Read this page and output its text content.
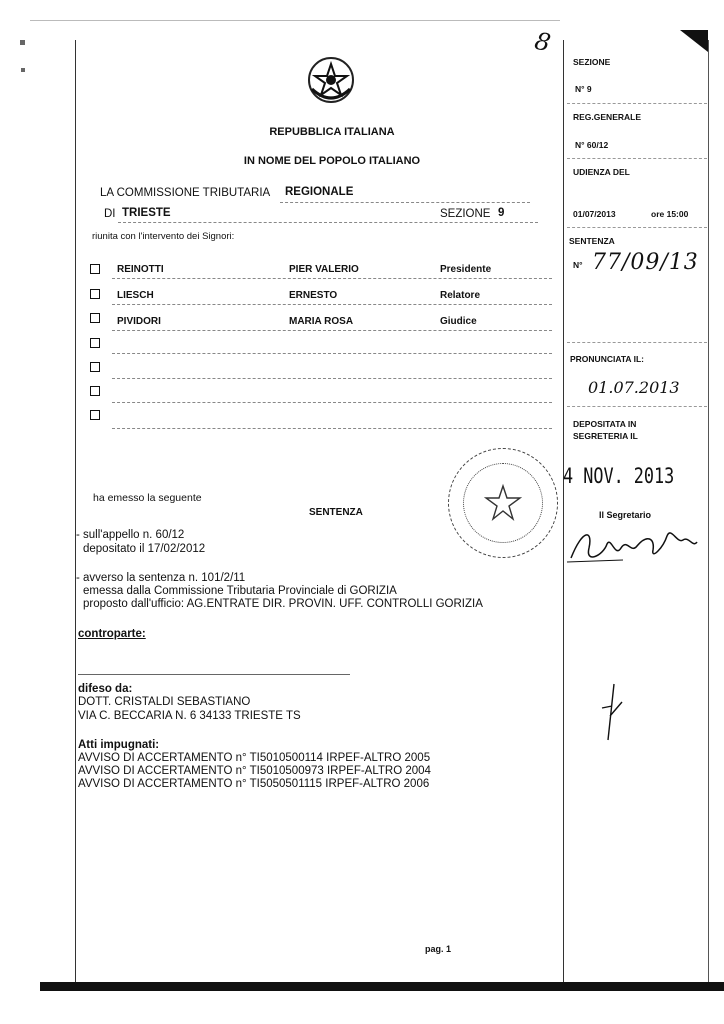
8
REPUBBLICA ITALIANA
IN NOME DEL POPOLO ITALIANO
LA COMMISSIONE TRIBUTARIA REGIONALE
DI TRIESTE	SEZIONE 9
riunita con l'intervento dei Signori:
REINOTTI	PIER VALERIO	Presidente
LIESCH	ERNESTO	Relatore
PIVIDORI	MARIA ROSA	Giudice
ha emesso la seguente
SENTENZA
- sull'appello n. 60/12
depositato il 17/02/2012
- avverso la sentenza n. 101/2/11
emessa dalla Commissione Tributaria Provinciale di GORIZIA
proposto dall'ufficio: AG.ENTRATE DIR. PROVIN. UFF. CONTROLLI GORIZIA
controparte:
difeso da:
DOTT. CRISTALDI SEBASTIANO
VIA C. BECCARIA N. 6 34133 TRIESTE TS
Atti impugnati:
AVVISO DI ACCERTAMENTO n° TI5010500114 IRPEF-ALTRO 2005
AVVISO DI ACCERTAMENTO n° TI5010500973 IRPEF-ALTRO 2004
AVVISO DI ACCERTAMENTO n° TI5050501115 IRPEF-ALTRO 2006
pag. 1
SEZIONE
N° 9
REG.GENERALE
N° 60/12
UDIENZA DEL
01/07/2013	ore 15:00
SENTENZA
N° 77/09/13
PRONUNCIATA IL:
01.07.2013
DEPOSITATA IN
SEGRETERIA IL
4 NOV. 2013
Il Segretario
